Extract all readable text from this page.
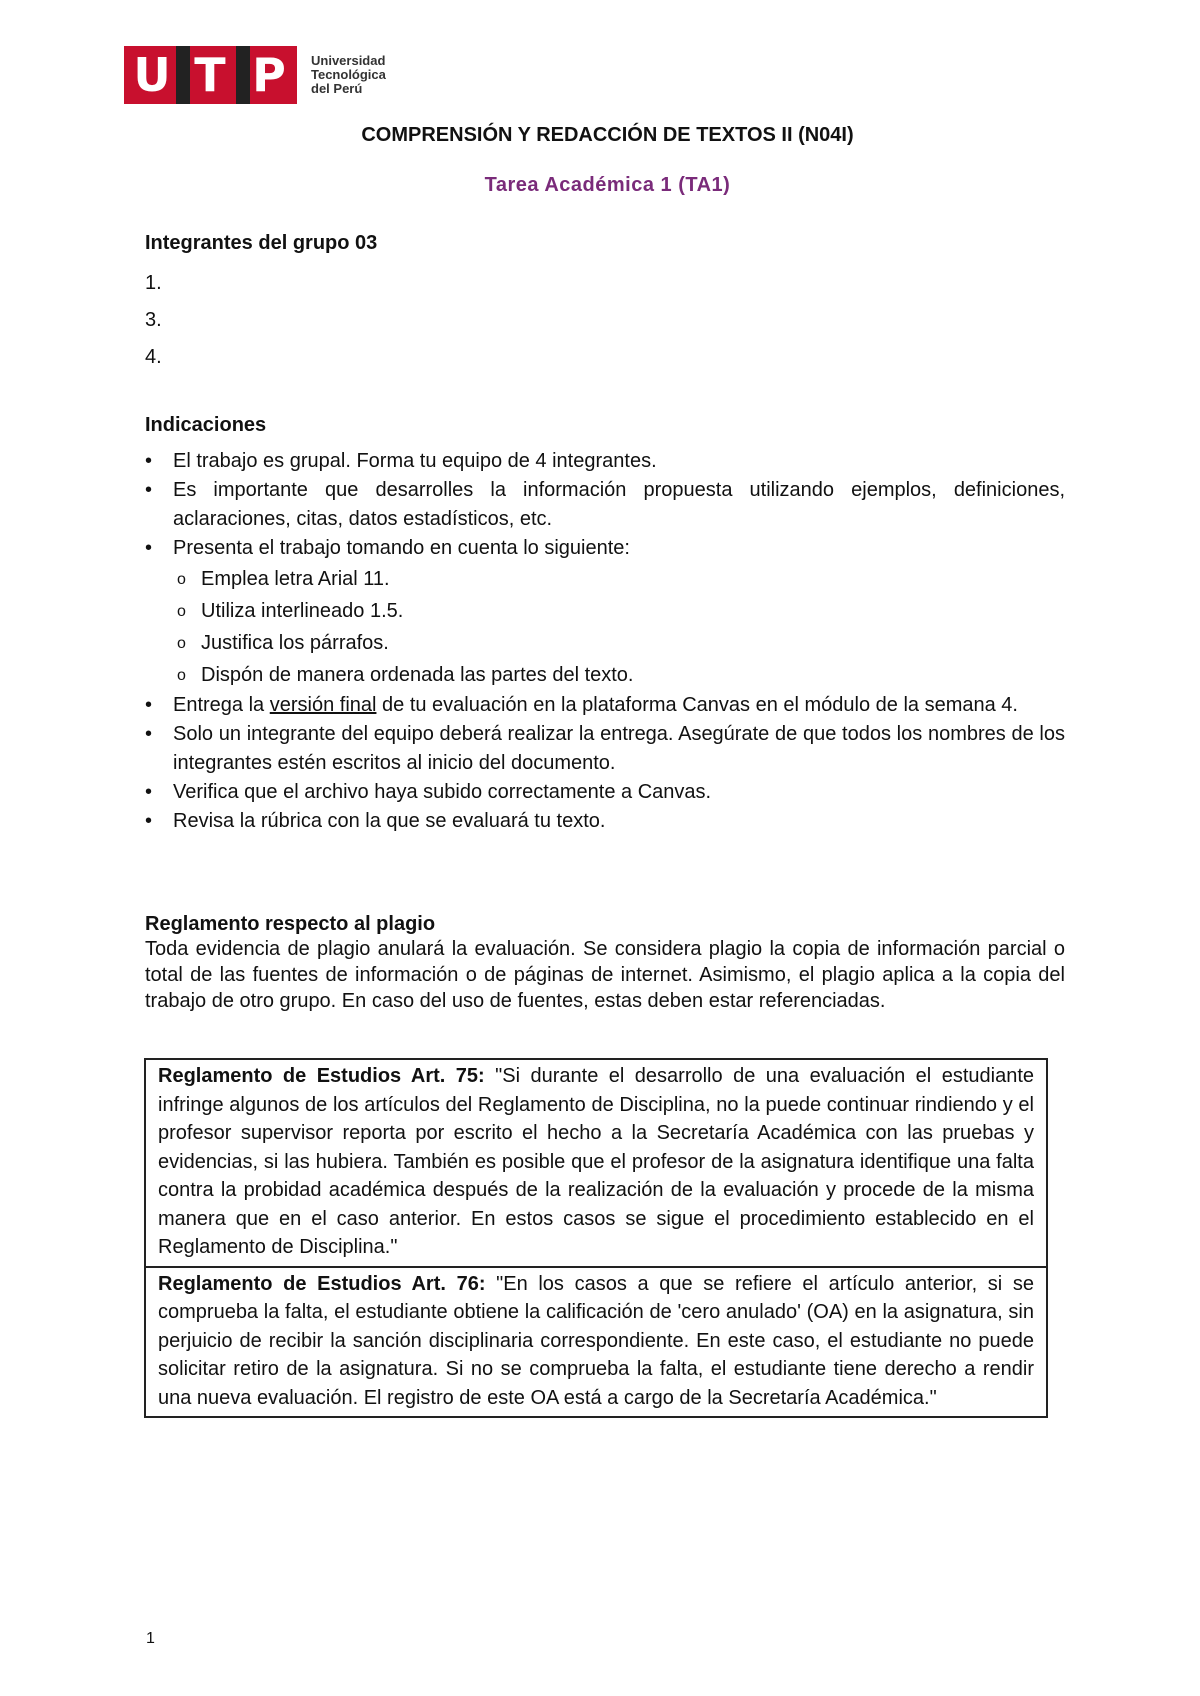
U T P Universidad
Tecnológica
del Perú
COMPRENSIÓN Y REDACCIÓN DE TEXTOS II (N04I)
Tarea Académica 1 (TA1)
Integrantes del grupo 03
1.
3.
4.
Indicaciones
• El trabajo es grupal. Forma tu equipo de 4 integrantes.
• Es importante que desarrolles la información propuesta utilizando ejemplos, definiciones, aclaraciones, citas, datos estadísticos, etc.
• Presenta el trabajo tomando en cuenta lo siguiente:
o Emplea letra Arial 11.
o Utiliza interlineado 1.5.
o Justifica los párrafos.
o Dispón de manera ordenada las partes del texto.
• Entrega la versión final de tu evaluación en la plataforma Canvas en el módulo de la semana 4.
• Solo un integrante del equipo deberá realizar la entrega. Asegúrate de que todos los nombres de los integrantes estén escritos al inicio del documento.
• Verifica que el archivo haya subido correctamente a Canvas.
• Revisa la rúbrica con la que se evaluará tu texto.
Reglamento respecto al plagio
Toda evidencia de plagio anulará la evaluación. Se considera plagio la copia de información parcial o total de las fuentes de información o de páginas de internet. Asimismo, el plagio aplica a la copia del trabajo de otro grupo. En caso del uso de fuentes, estas deben estar referenciadas.
Reglamento de Estudios Art. 75: "Si durante el desarrollo de una evaluación el estudiante infringe algunos de los artículos del Reglamento de Disciplina, no la puede continuar rindiendo y el profesor supervisor reporta por escrito el hecho a la Secretaría Académica con las pruebas y evidencias, si las hubiera. También es posible que el profesor de la asignatura identifique una falta contra la probidad académica después de la realización de la evaluación y procede de la misma manera que en el caso anterior. En estos casos se sigue el procedimiento establecido en el Reglamento de Disciplina."
Reglamento de Estudios Art. 76: "En los casos a que se refiere el artículo anterior, si se comprueba la falta, el estudiante obtiene la calificación de 'cero anulado' (OA) en la asignatura, sin perjuicio de recibir la sanción disciplinaria correspondiente. En este caso, el estudiante no puede solicitar retiro de la asignatura. Si no se comprueba la falta, el estudiante tiene derecho a rendir una nueva evaluación. El registro de este OA está a cargo de la Secretaría Académica."
1
